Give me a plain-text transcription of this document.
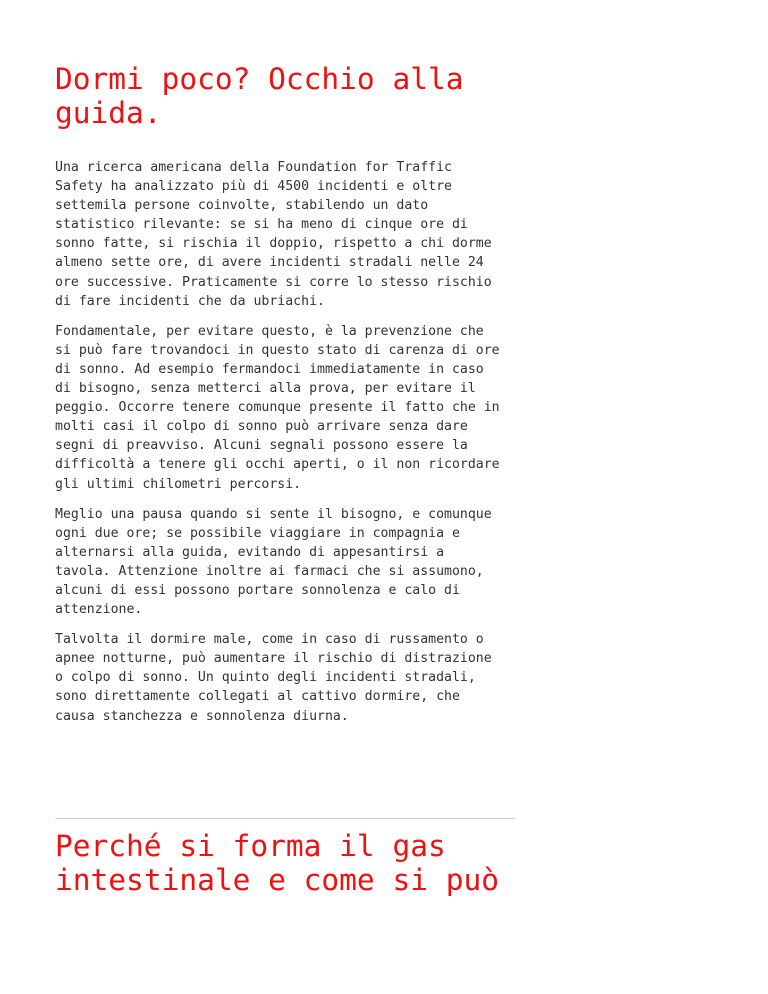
Dormi poco? Occhio alla
guida.

Una ricerca americana della Foundation for Traffic
Safety ha analizzato più di 4500 incidenti e oltre
settemila persone coinvolte, stabilendo un dato
statistico rilevante: se si ha meno di cinque ore di
sonno fatte, si rischia il doppio, rispetto a chi dorme
almeno sette ore, di avere incidenti stradali nelle 24
ore successive. Praticamente si corre lo stesso rischio
di fare incidenti che da ubriachi.

Fondamentale, per evitare questo, è la prevenzione che
si può fare trovandoci in questo stato di carenza di ore
di sonno. Ad esempio fermandoci immediatamente in caso
di bisogno, senza metterci alla prova, per evitare il
peggio. Occorre tenere comunque presente il fatto che in
molti casi il colpo di sonno può arrivare senza dare
segni di preavviso. Alcuni segnali possono essere la
difficoltà a tenere gli occhi aperti, o il non ricordare
gli ultimi chilometri percorsi.

Meglio una pausa quando si sente il bisogno, e comunque
ogni due ore; se possibile viaggiare in compagnia e
alternarsi alla guida, evitando di appesantirsi a
tavola. Attenzione inoltre ai farmaci che si assumono,
alcuni di essi possono portare sonnolenza e calo di
attenzione.

Talvolta il dormire male, come in caso di russamento o
apnee notturne, può aumentare il rischio di distrazione
o colpo di sonno. Un quinto degli incidenti stradali,
sono direttamente collegati al cattivo dormire, che
causa stanchezza e sonnolenza diurna.

Perché si forma il gas
intestinale e come si può
